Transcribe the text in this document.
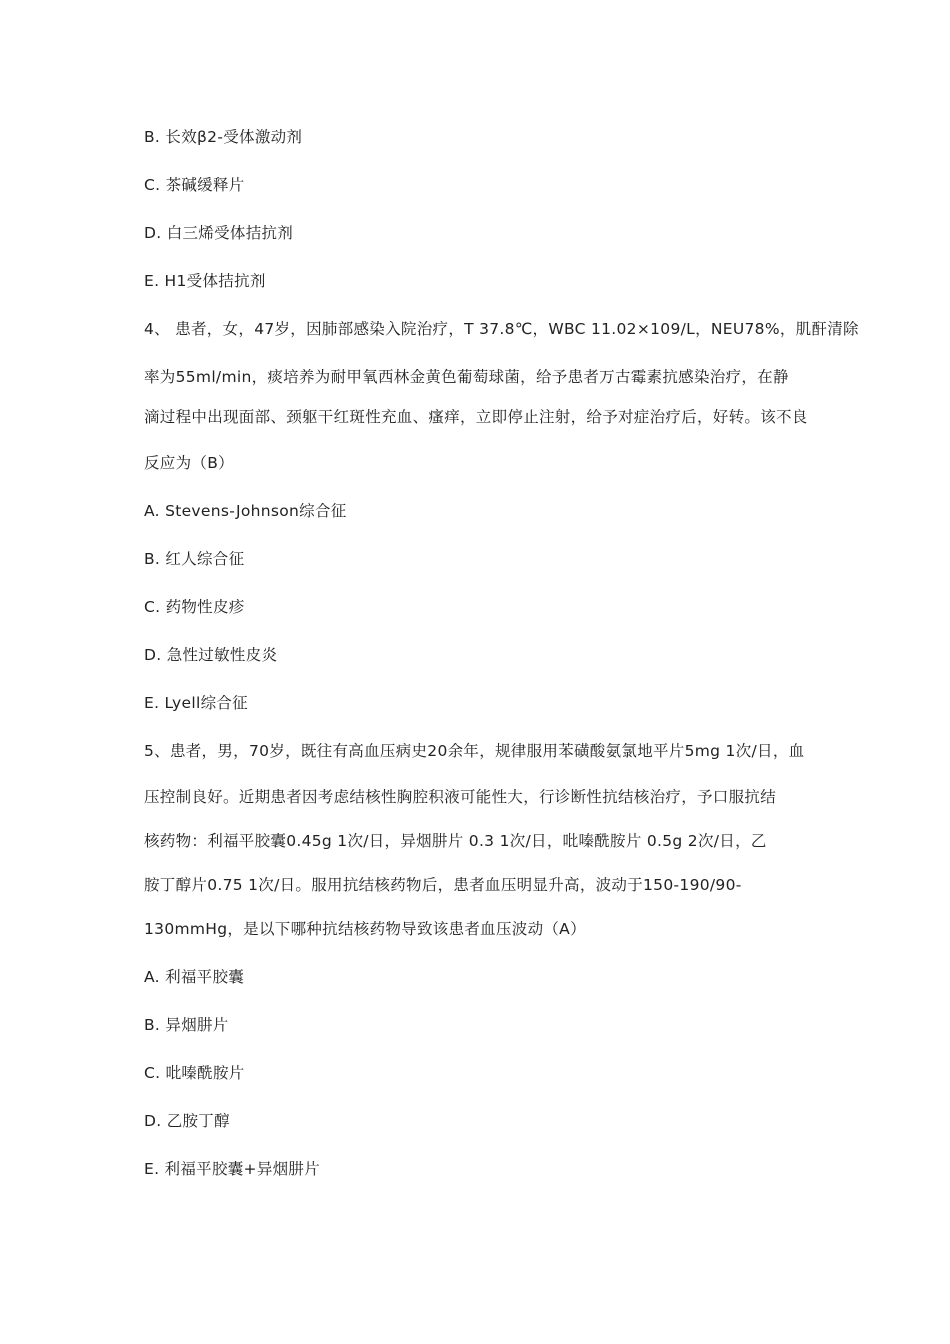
B. 长效β2-受体激动剂
C. 茶碱缓释片
D. 白三烯受体拮抗剂
E. H1受体拮抗剂
4、 患者，女，47岁，因肺部感染入院治疗，T 37.8℃，WBC 11.02×109/L，NEU78%，肌酐清除
率为55ml/min，痰培养为耐甲氧西林金黄色葡萄球菌，给予患者万古霉素抗感染治疗，在静
滴过程中出现面部、颈躯干红斑性充血、瘙痒，立即停止注射，给予对症治疗后，好转。该不良
反应为（B）
A. Stevens-Johnson综合征
B. 红人综合征
C. 药物性皮疹
D. 急性过敏性皮炎
E. Lyell综合征
5、患者，男，70岁，既往有高血压病史20余年，规律服用苯磺酸氨氯地平片5mg 1次/日，血
压控制良好。近期患者因考虑结核性胸腔积液可能性大，行诊断性抗结核治疗，予口服抗结
核药物：利福平胶囊0.45g 1次/日，异烟肼片 0.3 1次/日，吡嗪酰胺片 0.5g 2次/日，乙
胺丁醇片0.75 1次/日。服用抗结核药物后，患者血压明显升高，波动于150-190/90-
130mmHg，是以下哪种抗结核药物导致该患者血压波动（A）
A. 利福平胶囊
B. 异烟肼片
C. 吡嗪酰胺片
D. 乙胺丁醇
E. 利福平胶囊+异烟肼片
